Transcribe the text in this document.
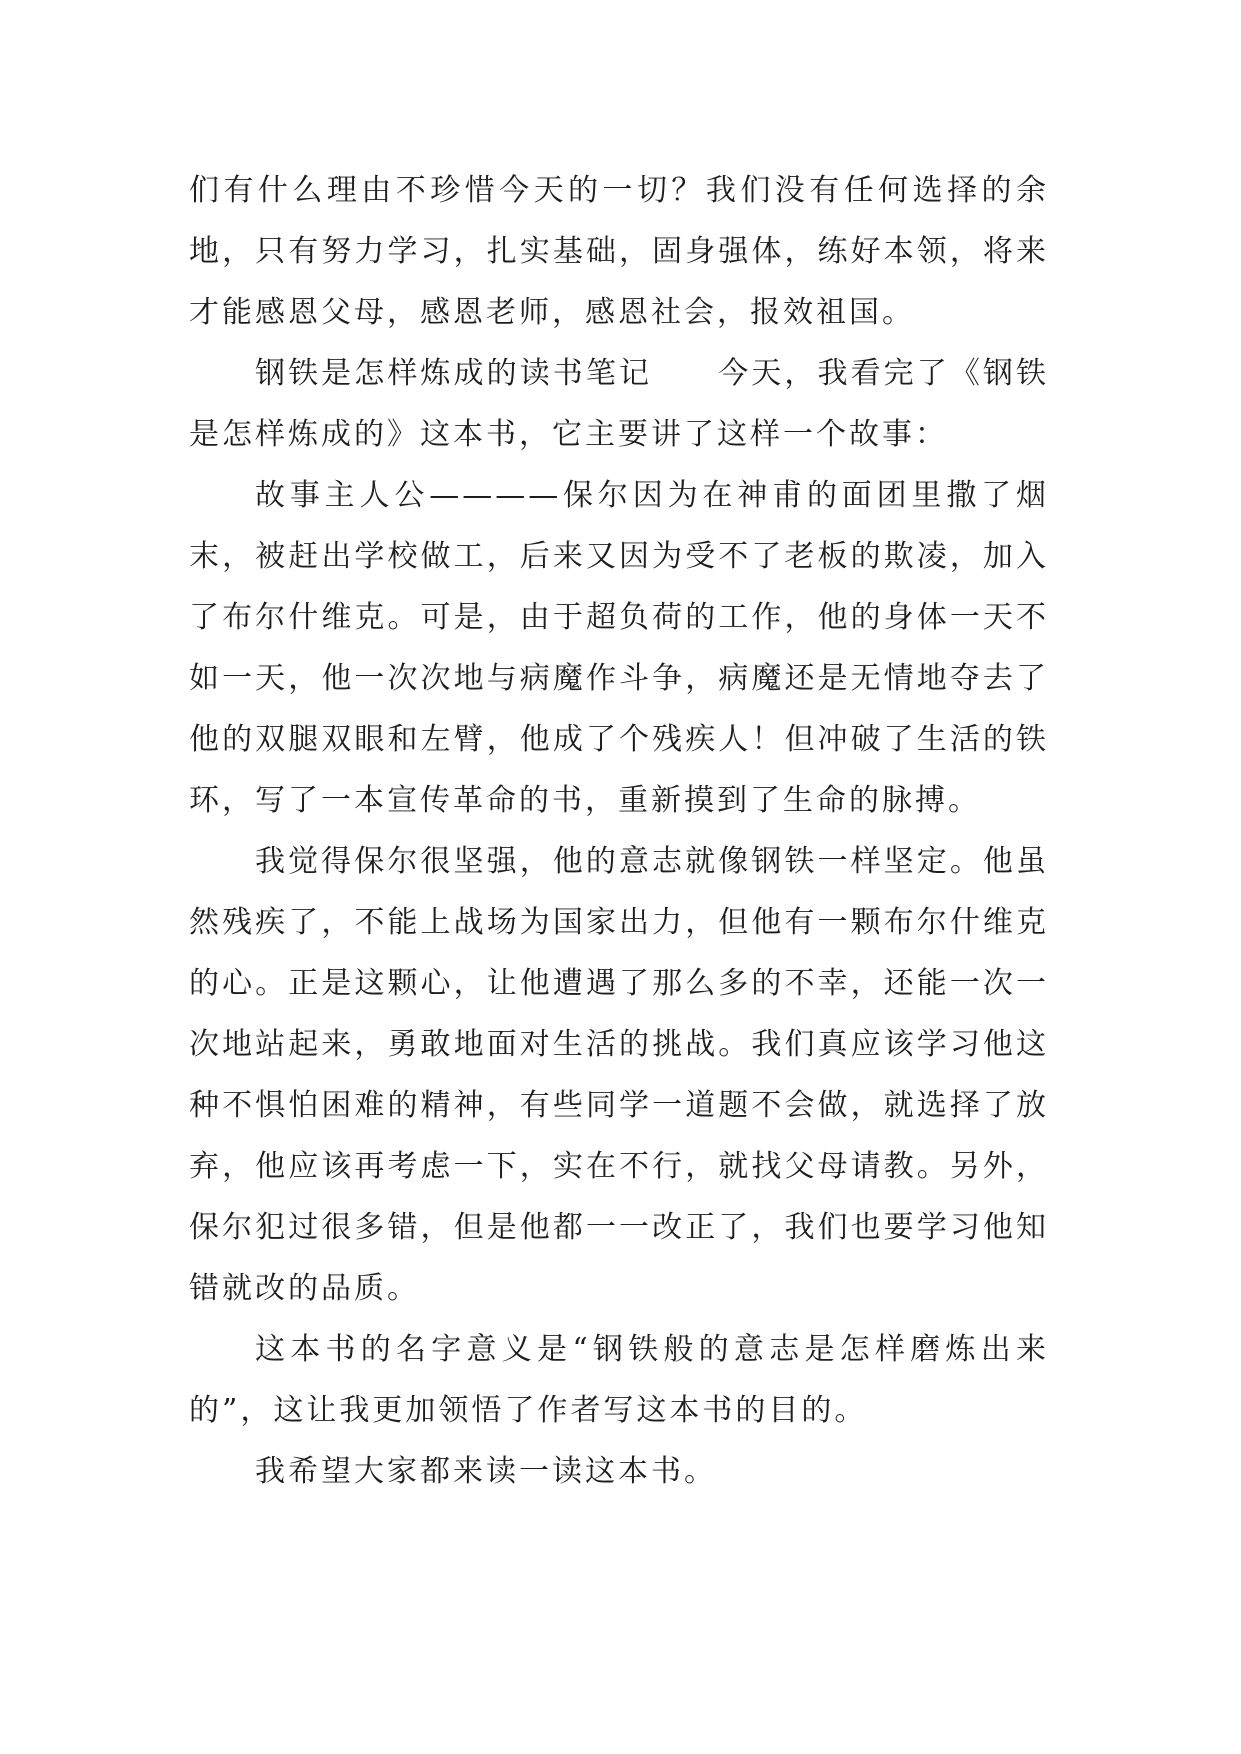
们有什么理由不珍惜今天的一切？我们没有任何选择的余地，只有努力学习，扎实基础，固身强体，练好本领，将来才能感恩父母，感恩老师，感恩社会，报效祖国。

钢铁是怎样炼成的读书笔记　　今天，我看完了《钢铁是怎样炼成的》这本书，它主要讲了这样一个故事：

故事主人公————保尔因为在神甫的面团里撒了烟末，被赶出学校做工，后来又因为受不了老板的欺凌，加入了布尔什维克。可是，由于超负荷的工作，他的身体一天不如一天，他一次次地与病魔作斗争，病魔还是无情地夺去了他的双腿双眼和左臂，他成了个残疾人！但冲破了生活的铁环，写了一本宣传革命的书，重新摸到了生命的脉搏。

我觉得保尔很坚强，他的意志就像钢铁一样坚定。他虽然残疾了，不能上战场为国家出力，但他有一颗布尔什维克的心。正是这颗心，让他遭遇了那么多的不幸，还能一次一次地站起来，勇敢地面对生活的挑战。我们真应该学习他这种不惧怕困难的精神，有些同学一道题不会做，就选择了放弃，他应该再考虑一下，实在不行，就找父母请教。另外，保尔犯过很多错，但是他都一一改正了，我们也要学习他知错就改的品质。

这本书的名字意义是“钢铁般的意志是怎样磨炼出来的”，这让我更加领悟了作者写这本书的目的。

我希望大家都来读一读这本书。
